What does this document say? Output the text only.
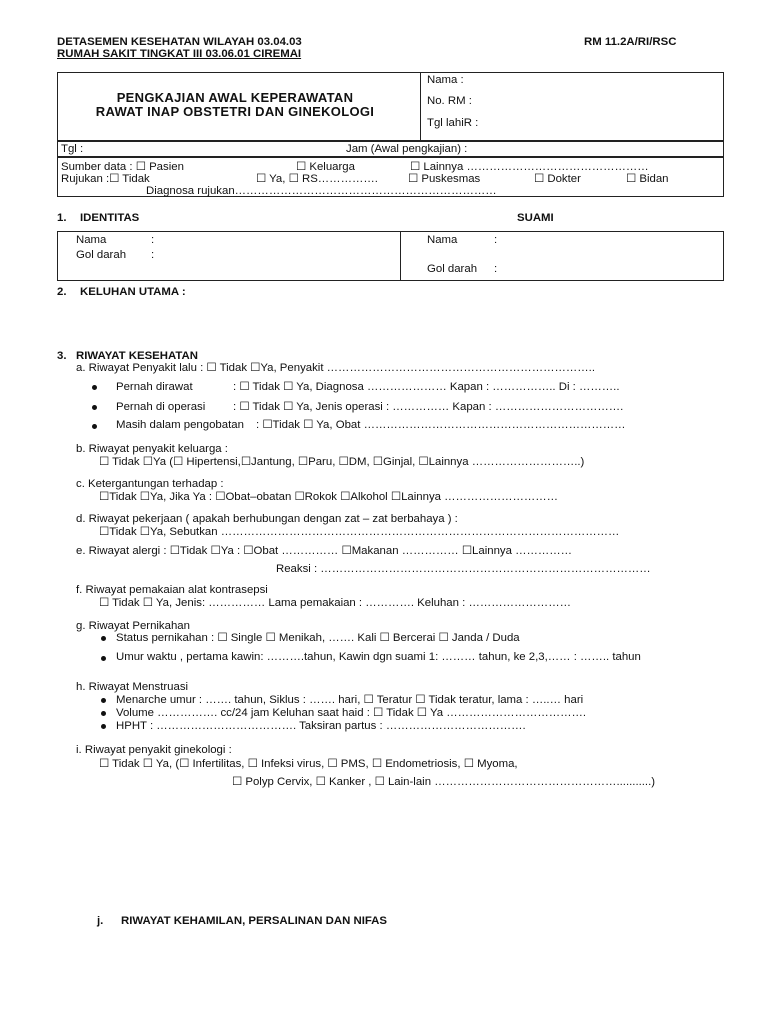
DETASEMEN KESEHATAN WILAYAH 03.04.03
RUMAH SAKIT TINGKAT III 03.06.01 CIREMAI
RM 11.2A/RI/RSC
PENGKAJIAN AWAL KEPERAWATAN
RAWAT INAP OBSTETRI DAN GINEKOLOGI
Nama :
No. RM :
Tgl lahiR :
Tgl :	Jam (Awal pengkajian) :
Sumber data : ☐ Pasien	☐ Keluarga	☐ Lainnya …………………………………………
Rujukan :☐ Tidak	☐ Ya, ☐ RS…………….	☐ Puskesmas	☐ Dokter	☐ Bidan
Diagnosa rujukan……………………………………………………………
1. IDENTITAS	SUAMI
Nama	:
Gol darah :
Nama	:
Gol darah :
2. KELUHAN UTAMA :
3. RIWAYAT KESEHATAN
a. Riwayat Penyakit lalu : ☐ Tidak ☐Ya, Penyakit ……………………………………………………………..
Pernah dirawat	: ☐ Tidak ☐ Ya, Diagnosa ………………… Kapan : …………….. Di : ………..
Pernah di operasi : ☐ Tidak ☐ Ya, Jenis operasi : …………… Kapan : …………………………….
Masih dalam pengobatan : ☐Tidak ☐ Ya, Obat ……………………………………………………………
b. Riwayat penyakit keluarga :
☐ Tidak ☐Ya (☐ Hipertensi,☐Jantung, ☐Paru, ☐DM, ☐Ginjal, ☐Lainnya ………………………..)
c. Ketergantungan terhadap :
☐Tidak ☐Ya, Jika Ya : ☐Obat–obatan ☐Rokok ☐Alkohol ☐Lainnya …………………………
d. Riwayat pekerjaan ( apakah berhubungan dengan zat – zat berbahaya ) :
☐Tidak ☐Ya, Sebutkan ……………………………………………………………………………………………
e. Riwayat alergi : ☐Tidak ☐Ya : ☐Obat …………… ☐Makanan …………… ☐Lainnya ……………
Reaksi : ……………………………………………………………………………
f. Riwayat pemakaian alat kontrasepsi
☐ Tidak ☐ Ya, Jenis: …………… Lama pemakaian : …………. Keluhan : ………………………
g. Riwayat Pernikahan
Status pernikahan : ☐ Single ☐ Menikah, ……. Kali ☐ Bercerai ☐ Janda / Duda
Umur waktu , pertama kawin: ……….tahun, Kawin dgn suami 1: ……… tahun, ke 2,3,…… : …….. tahun
h. Riwayat Menstruasi
Menarche umur : ……. tahun, Siklus : ……. hari, ☐ Teratur ☐ Tidak teratur, lama : …..… hari
Volume ……………. cc/24 jam Keluhan saat haid : ☐ Tidak ☐ Ya ……………………………….
HPHT : ………………………………. Taksiran partus : ……………………………….
i. Riwayat penyakit ginekologi :
☐ Tidak ☐ Ya, (☐ Infertilitas, ☐ Infeksi virus, ☐ PMS, ☐ Endometriosis, ☐ Myoma,
☐ Polyp Cervix, ☐ Kanker , ☐ Lain-lain …………………………………………...........)
j. RIWAYAT KEHAMILAN, PERSALINAN DAN NIFAS
